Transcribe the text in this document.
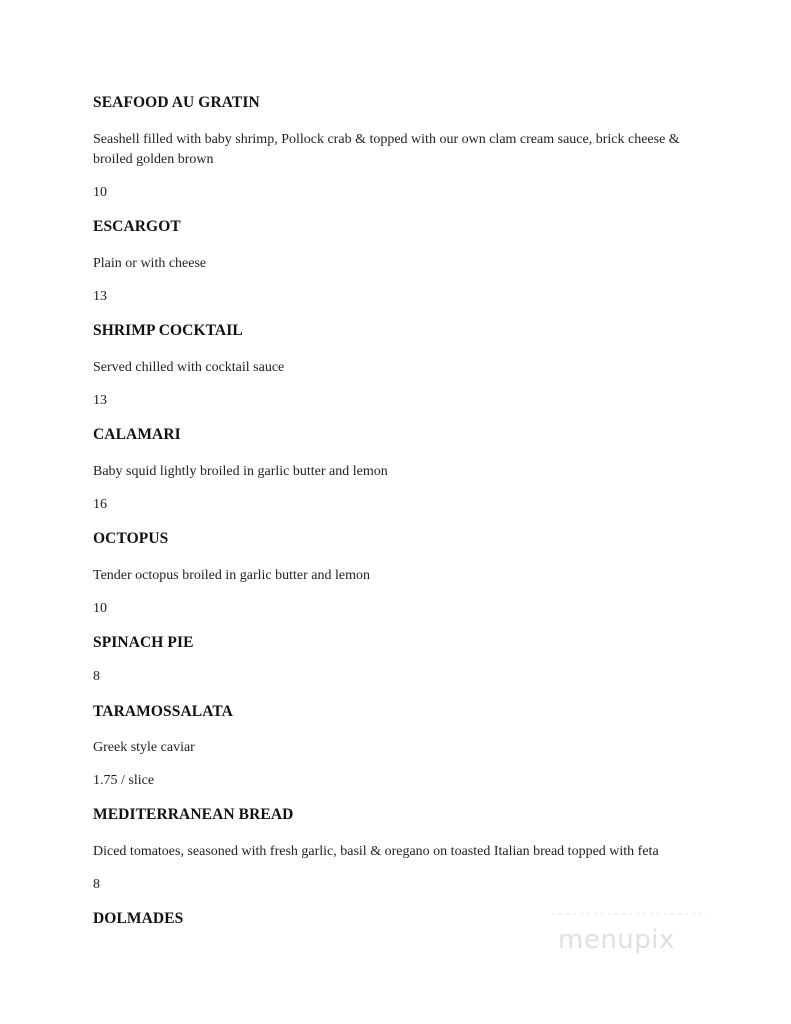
SEAFOOD AU GRATIN
Seashell filled with baby shrimp, Pollock crab & topped with our own clam cream sauce, brick cheese & broiled golden brown
10
ESCARGOT
Plain or with cheese
13
SHRIMP COCKTAIL
Served chilled with cocktail sauce
13
CALAMARI
Baby squid lightly broiled in garlic butter and lemon
16
OCTOPUS
Tender octopus broiled in garlic butter and lemon
10
SPINACH PIE
8
TARAMOSSALATA
Greek style caviar
1.75 / slice
MEDITERRANEAN BREAD
Diced tomatoes, seasoned with fresh garlic, basil & oregano on toasted Italian bread topped with feta
8
DOLMADES
menupix
